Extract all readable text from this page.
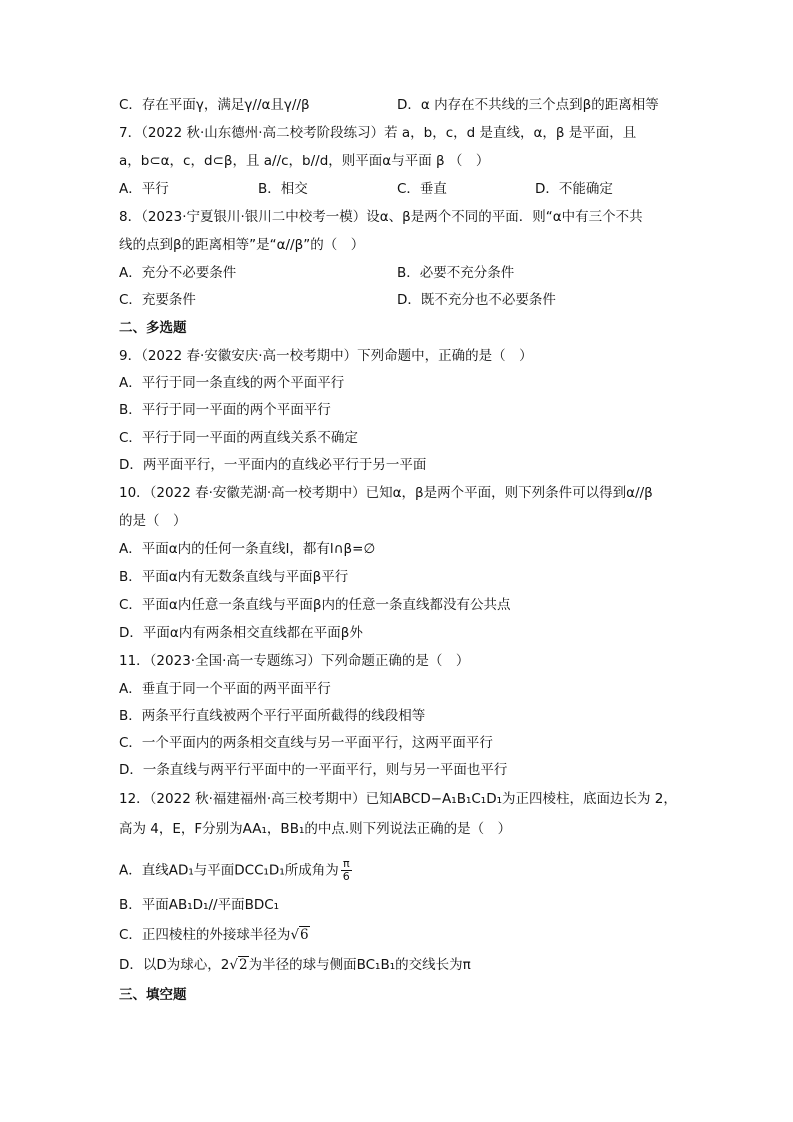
C．存在平面γ，满足γ//α且γ//β	D．α 内存在不共线的三个点到β的距离相等
7．（2022 秋·山东德州·高二校考阶段练习）若 a，b，c，d 是直线，α，β 是平面，且
a，b⊂α，c，d⊂β，且 a//c，b//d，则平面α与平面 β （　）
A．平行	B．相交	C．垂直	D．不能确定
8．（2023·宁夏银川·银川二中校考一模）设α、β是两个不同的平面．则“α中有三个不共
线的点到β的距离相等”是“α//β”的（　）
A．充分不必要条件	B．必要不充分条件
C．充要条件	D．既不充分也不必要条件
二、多选题
9．（2022 春·安徽安庆·高一校考期中）下列命题中，正确的是（　）
A．平行于同一条直线的两个平面平行
B．平行于同一平面的两个平面平行
C．平行于同一平面的两直线关系不确定
D．两平面平行，一平面内的直线必平行于另一平面
10．（2022 春·安徽芜湖·高一校考期中）已知α，β是两个平面，则下列条件可以得到α//β
的是（　）
A．平面α内的任何一条直线l，都有l∩β=∅
B．平面α内有无数条直线与平面β平行
C．平面α内任意一条直线与平面β内的任意一条直线都没有公共点
D．平面α内有两条相交直线都在平面β外
11．（2023·全国·高一专题练习）下列命题正确的是（　）
A．垂直于同一个平面的两平面平行
B．两条平行直线被两个平行平面所截得的线段相等
C．一个平面内的两条相交直线与另一平面平行，这两平面平行
D．一条直线与两平行平面中的一平面平行，则与另一平面也平行
12．（2022 秋·福建福州·高三校考期中）已知ABCD−A₁B₁C₁D₁为正四棱柱，底面边长为 2，
高为 4，E，F分别为AA₁，BB₁的中点.则下列说法正确的是（　）
A．直线AD₁与平面DCC₁D₁所成角为 $\frac{\pi}{6}$
B．平面AB₁D₁//平面BDC₁
C．正四棱柱的外接球半径为√6
D．以D为球心，2√2为半径的球与侧面BC₁B₁的交线长为π
三、填空题
